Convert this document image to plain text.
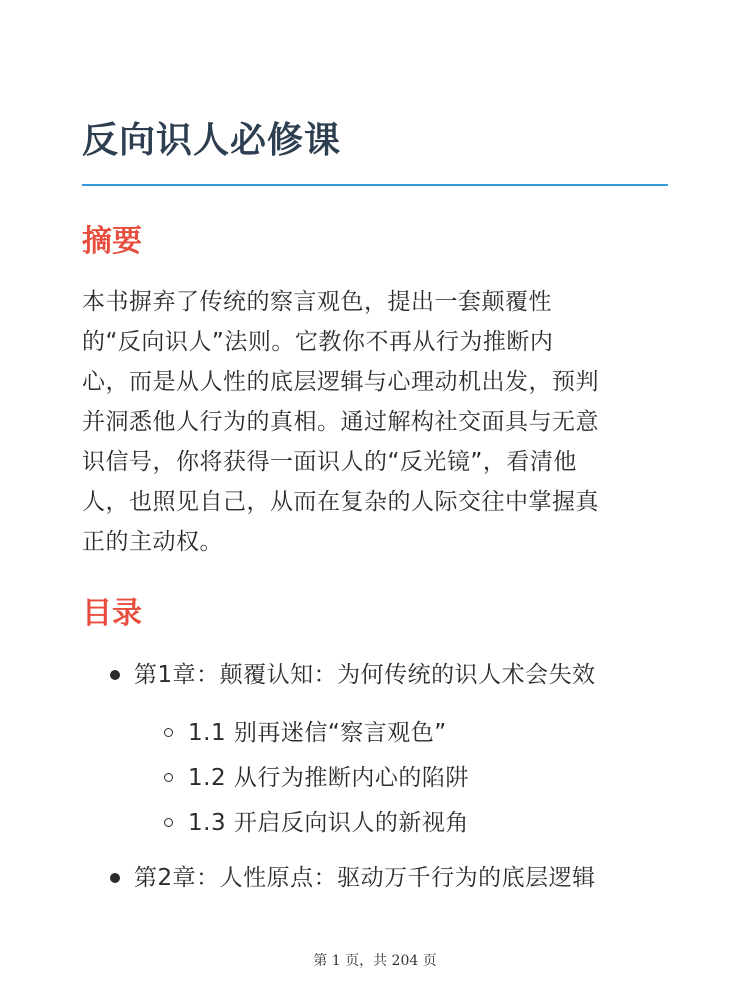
反向识人必修课
摘要

本书摒弃了传统的察言观色，提出一套颠覆性
的“反向识人”法则。它教你不再从行为推断内
心，而是从人性的底层逻辑与心理动机出发，预判
并洞悉他人行为的真相。通过解构社交面具与无意
识信号，你将获得一面识人的“反光镜”，看清他
人，也照见自己，从而在复杂的人际交往中掌握真
正的主动权。

目录
第1章：颠覆认知：为何传统的识人术会失效
1.1 别再迷信“察言观色”
1.2 从行为推断内心的陷阱
1.3 开启反向识人的新视角
第2章：人性原点：驱动万千行为的底层逻辑
第 1 页，共 204 页
